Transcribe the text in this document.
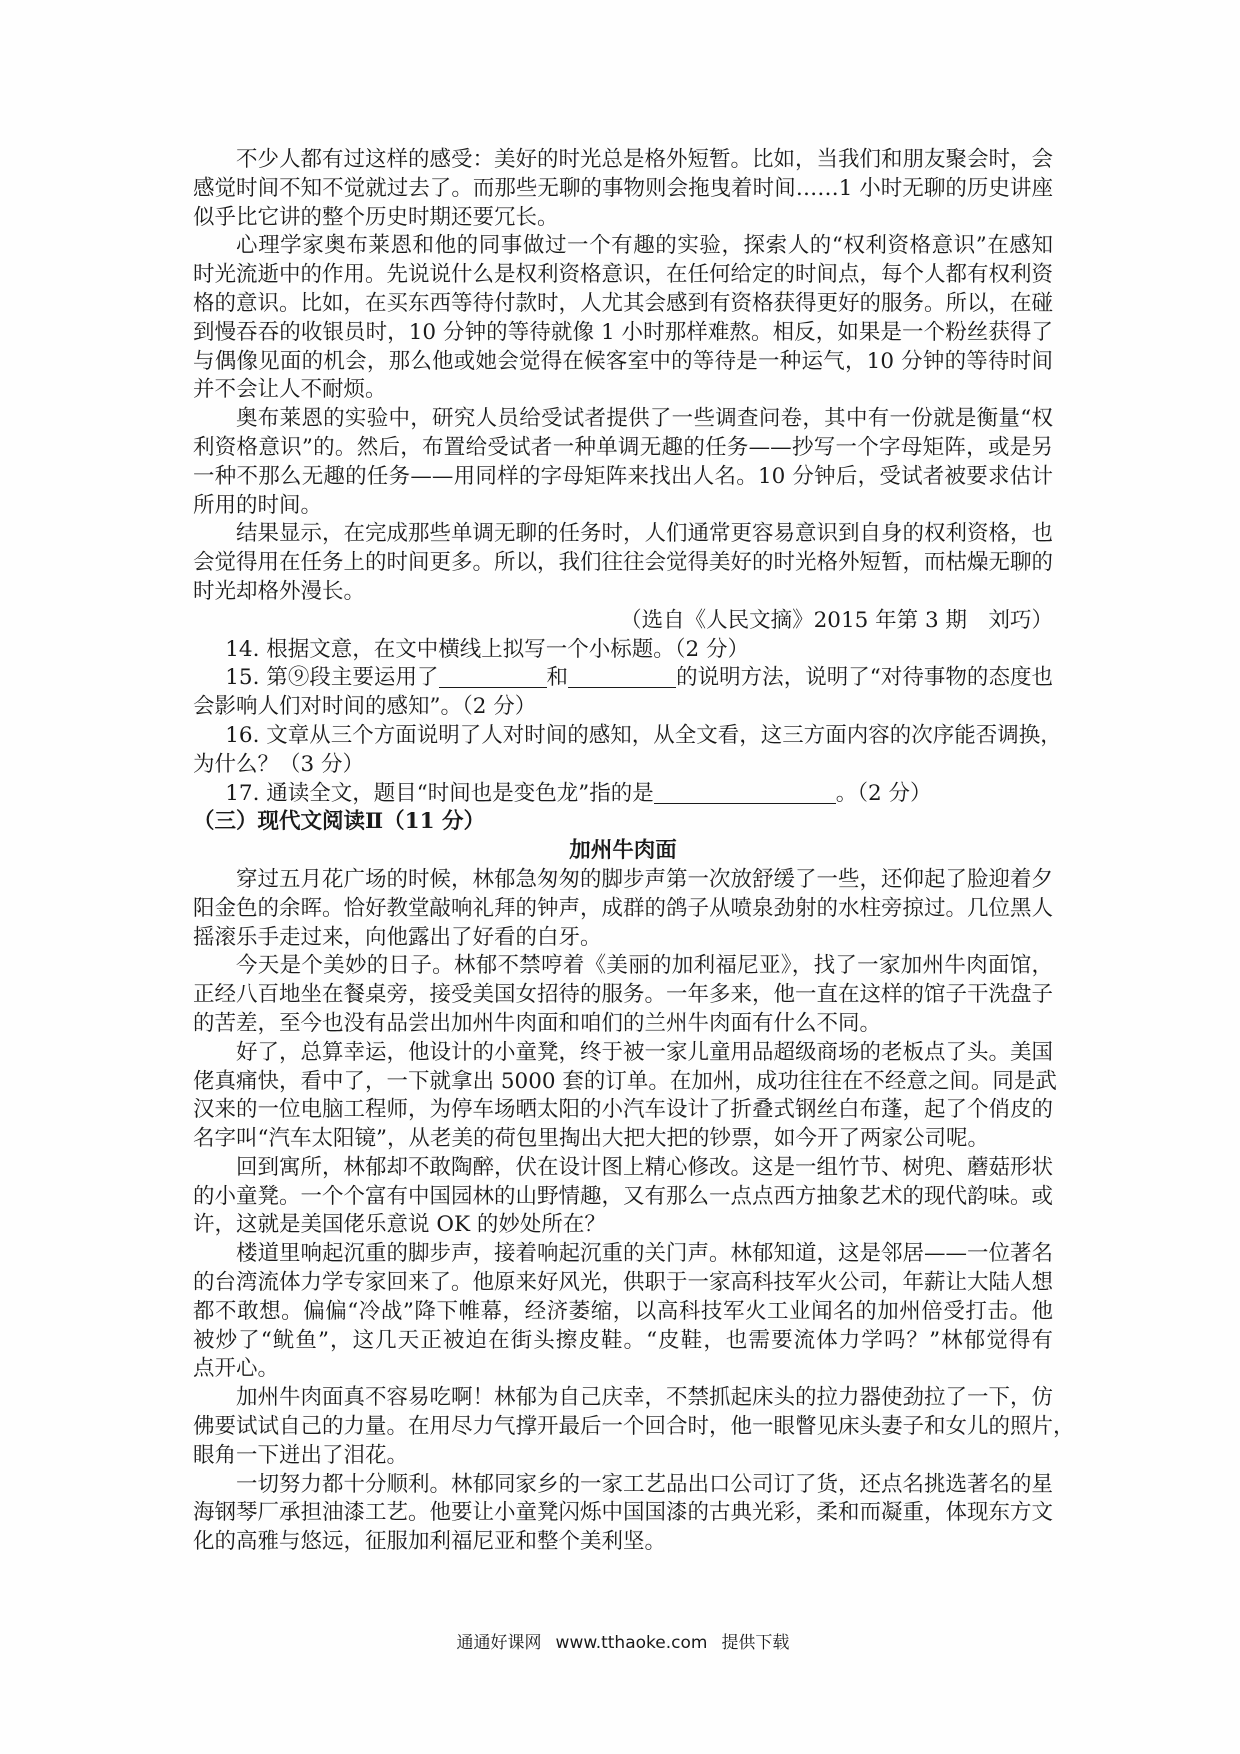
不少人都有过这样的感受：美好的时光总是格外短暂。比如，当我们和朋友聚会时，会
感觉时间不知不觉就过去了。而那些无聊的事物则会拖曳着时间……1 小时无聊的历史讲座
似乎比它讲的整个历史时期还要冗长。
心理学家奥布莱恩和他的同事做过一个有趣的实验，探索人的“权利资格意识”在感知
时光流逝中的作用。先说说什么是权利资格意识，在任何给定的时间点，每个人都有权利资
格的意识。比如，在买东西等待付款时，人尤其会感到有资格获得更好的服务。所以，在碰
到慢吞吞的收银员时，10 分钟的等待就像 1 小时那样难熬。相反，如果是一个粉丝获得了
与偶像见面的机会，那么他或她会觉得在候客室中的等待是一种运气，10 分钟的等待时间
并不会让人不耐烦。
奥布莱恩的实验中，研究人员给受试者提供了一些调查问卷，其中有一份就是衡量“权
利资格意识”的。然后，布置给受试者一种单调无趣的任务——抄写一个字母矩阵，或是另
一种不那么无趣的任务——用同样的字母矩阵来找出人名。10 分钟后，受试者被要求估计
所用的时间。
结果显示，在完成那些单调无聊的任务时，人们通常更容易意识到自身的权利资格，也
会觉得用在任务上的时间更多。所以，我们往往会觉得美好的时光格外短暂，而枯燥无聊的
时光却格外漫长。
（选自《人民文摘》2015 年第 3 期　刘巧）
14. 根据文意，在文中横线上拟写一个小标题。（2 分）
15. 第⑨段主要运用了	和	的说明方法，说明了“对待事物的态度也
会影响人们对时间的感知”。（2 分）
16. 文章从三个方面说明了人对时间的感知，从全文看，这三方面内容的次序能否调换，
为什么？（3 分）
17. 通读全文，题目“时间也是变色龙”指的是	。（2 分）
（三）现代文阅读Ⅱ（11 分）
加州牛肉面
穿过五月花广场的时候，林郁急匆匆的脚步声第一次放舒缓了一些，还仰起了脸迎着夕
阳金色的余晖。恰好教堂敲响礼拜的钟声，成群的鸽子从喷泉劲射的水柱旁掠过。几位黑人
摇滚乐手走过来，向他露出了好看的白牙。
今天是个美妙的日子。林郁不禁哼着《美丽的加利福尼亚》，找了一家加州牛肉面馆，
正经八百地坐在餐桌旁，接受美国女招待的服务。一年多来，他一直在这样的馆子干洗盘子
的苦差，至今也没有品尝出加州牛肉面和咱们的兰州牛肉面有什么不同。
好了，总算幸运，他设计的小童凳，终于被一家儿童用品超级商场的老板点了头。美国
佬真痛快，看中了，一下就拿出 5000 套的订单。在加州，成功往往在不经意之间。同是武
汉来的一位电脑工程师，为停车场晒太阳的小汽车设计了折叠式钢丝白布蓬，起了个俏皮的
名字叫“汽车太阳镜”，从老美的荷包里掏出大把大把的钞票，如今开了两家公司呢。
回到寓所，林郁却不敢陶醉，伏在设计图上精心修改。这是一组竹节、树兜、蘑菇形状
的小童凳。一个个富有中国园林的山野情趣，又有那么一点点西方抽象艺术的现代韵味。或
许，这就是美国佬乐意说 OK 的妙处所在？
楼道里响起沉重的脚步声，接着响起沉重的关门声。林郁知道，这是邻居——一位著名
的台湾流体力学专家回来了。他原来好风光，供职于一家高科技军火公司，年薪让大陆人想
都不敢想。偏偏“冷战”降下帷幕，经济萎缩，以高科技军火工业闻名的加州倍受打击。他
被炒了“鱿鱼”，这几天正被迫在街头擦皮鞋。“皮鞋，也需要流体力学吗？”林郁觉得有
点开心。
加州牛肉面真不容易吃啊！林郁为自己庆幸，不禁抓起床头的拉力器使劲拉了一下，仿
佛要试试自己的力量。在用尽力气撑开最后一个回合时，他一眼瞥见床头妻子和女儿的照片，
眼角一下迸出了泪花。
一切努力都十分顺利。林郁同家乡的一家工艺品出口公司订了货，还点名挑选著名的星
海钢琴厂承担油漆工艺。他要让小童凳闪烁中国国漆的古典光彩，柔和而凝重，体现东方文
化的高雅与悠远，征服加利福尼亚和整个美利坚。
通通好课网 www.tthaoke.com 提供下载
